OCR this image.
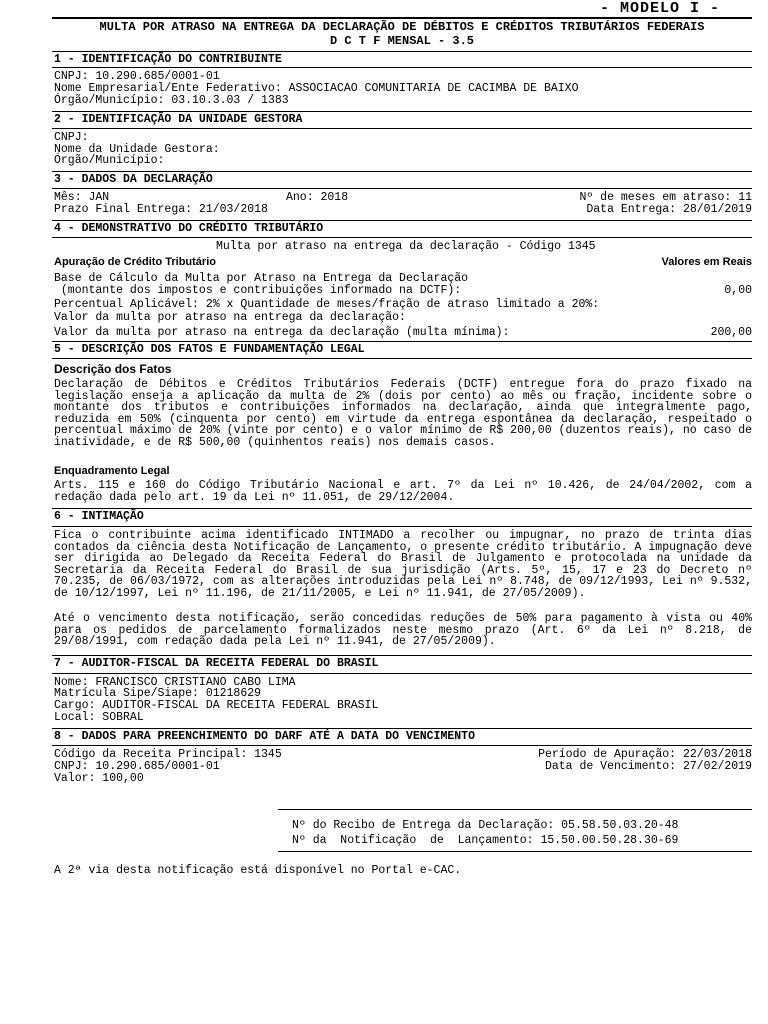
- MODELO I -
MULTA POR ATRASO NA ENTREGA DA DECLARAÇÃO DE DÉBITOS E CRÉDITOS TRIBUTÁRIOS FEDERAIS
D C T F MENSAL - 3.5
1 - IDENTIFICAÇÃO DO CONTRIBUINTE
CNPJ: 10.290.685/0001-01
Nome Empresarial/Ente Federativo: ASSOCIACAO COMUNITARIA DE CACIMBA DE BAIXO
Órgão/Município: 03.10.3.03 / 1383
2 - IDENTIFICAÇÃO DA UNIDADE GESTORA
CNPJ:
Nome da Unidade Gestora:
Órgão/Município:
3 - DADOS DA DECLARAÇÃO
Mês: JAN	Ano: 2018	Nº de meses em atraso: 11
Prazo Final Entrega: 21/03/2018	Data Entrega: 28/01/2019
4 - DEMONSTRATIVO DO CRÉDITO TRIBUTÁRIO
Multa por atraso na entrega da declaração - Código 1345
Apuração de Crédito Tributário	Valores em Reais
Base de Cálculo da Multa por Atraso na Entrega da Declaração
(montante dos impostos e contribuições informado na DCTF):	0,00
Percentual Aplicável: 2% x Quantidade de meses/fração de atraso limitado a 20%:
Valor da multa por atraso na entrega da declaração:
Valor da multa por atraso na entrega da declaração (multa mínima):	200,00
5 - DESCRIÇÃO DOS FATOS E FUNDAMENTAÇÃO LEGAL
Descrição dos Fatos
Declaração de Débitos e Créditos Tributários Federais (DCTF) entregue fora do prazo fixado na legislação enseja a aplicação da multa de 2% (dois por cento) ao mês ou fração, incidente sobre o montante dos tributos e contribuições informados na declaração, ainda que integralmente pago, reduzida em 50% (cinquenta por cento) em virtude da entrega espontânea da declaração, respeitado o percentual máximo de 20% (vinte por cento) e o valor mínimo de R$ 200,00 (duzentos reais), no caso de inatividade, e de R$ 500,00 (quinhentos reais) nos demais casos.
Enquadramento Legal
Arts. 115 e 160 do Código Tributário Nacional e art. 7º da Lei nº 10.426, de 24/04/2002, com a redação dada pelo art. 19 da Lei nº 11.051, de 29/12/2004.
6 - INTIMAÇÃO
Fica o contribuinte acima identificado INTIMADO a recolher ou impugnar, no prazo de trinta dias contados da ciência desta Notificação de Lançamento, o presente crédito tributário. A impugnação deve ser dirigida ao Delegado da Receita Federal do Brasil de Julgamento e protocolada na unidade da Secretaria da Receita Federal do Brasil de sua jurisdição (Arts. 5º, 15, 17 e 23 do Decreto nº 70.235, de 06/03/1972, com as alterações introduzidas pela Lei nº 8.748, de 09/12/1993, Lei nº 9.532, de 10/12/1997, Lei nº 11.196, de 21/11/2005, e Lei nº 11.941, de 27/05/2009).
Até o vencimento desta notificação, serão concedidas reduções de 50% para pagamento à vista ou 40% para os pedidos de parcelamento formalizados neste mesmo prazo (Art. 6º da Lei nº 8.218, de 29/08/1991, com redação dada pela Lei nº 11.941, de 27/05/2009).
7 - AUDITOR-FISCAL DA RECEITA FEDERAL DO BRASIL
Nome: FRANCISCO CRISTIANO CABO LIMA
Matrícula Sipe/Siape: 01218629
Cargo: AUDITOR-FISCAL DA RECEITA FEDERAL BRASIL
Local: SOBRAL
8 - DADOS PARA PREENCHIMENTO DO DARF ATÉ A DATA DO VENCIMENTO
Código da Receita Principal: 1345	Período de Apuração: 22/03/2018
CNPJ: 10.290.685/0001-01	Data de Vencimento: 27/02/2019
Valor: 100,00
Nº do Recibo de Entrega da Declaração: 05.58.50.03.20-48
Nº da  Notificação  de  Lançamento: 15.50.00.50.28.30-69
A 2ª via desta notificação está disponível no Portal e-CAC.
